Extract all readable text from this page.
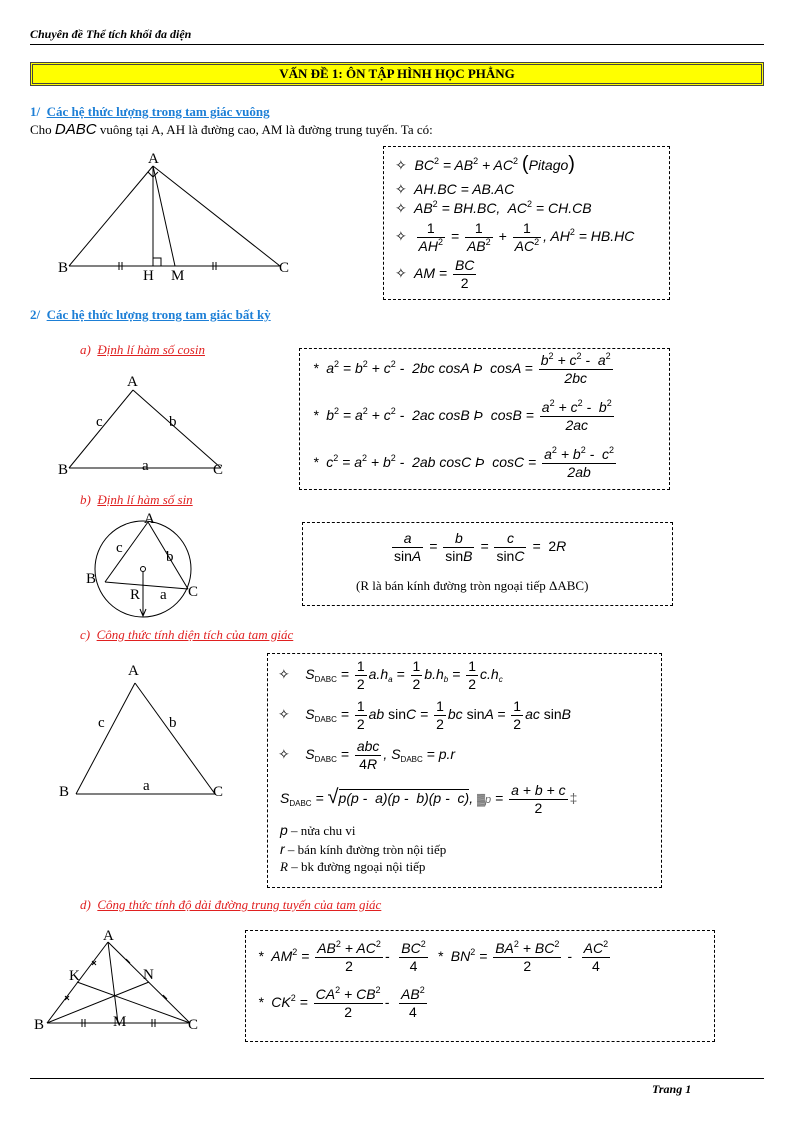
Chuyên đề Thể tích khối đa diện
VẤN ĐỀ 1: ÔN TẬP HÌNH HỌC PHẲNG
1/ Các hệ thức lượng trong tam giác vuông
Cho DABC vuông tại A, AH là đường cao, AM là đường trung tuyến. Ta có:
A
B	C
H M
✧  $BC^2 = AB^2 + AC^2$ (Pitago)
✧  AH.BC = AB.AC
✧  $AB^2 = BH.BC$,  $AC^2 = CH.CB$
✧ $\frac{1}{AH^2} = \frac{1}{AB^2} + \frac{1}{AC^2}$ , $AH^2 = HB.HC$
✧  AM = $\frac{BC}{2}$
2/ Các hệ thức lượng trong tam giác bất kỳ
a) Định lí hàm số cosin
A
B	C
c	b
a
*  $a^2 = b^2 + c^2 - 2bc$ cosA Þ  $\cos A = \frac{b^2 + c^2 - a^2}{2bc}$
*  $b^2 = a^2 + c^2 - 2ac$ cosB Þ  $\cos B = \frac{a^2 + c^2 - b^2}{2ac}$
*  $c^2 = a^2 + b^2 - 2ab$ cosC Þ  $\cos C = \frac{a^2 + b^2 - c^2}{2ab}$
b) Định lí hàm số sin
A
B
C
c
b
R a
$\frac{a}{\sin A} = \frac{b}{\sin B} = \frac{c}{\sin C} = 2R$
(R là bán kính đường tròn ngoại tiếp ΔABC)
c) Công thức tính diện tích của tam giác
A
B	C
c	b
a
✧    $S_{DABC} = \frac{1}{2} a.h_a = \frac{1}{2} b.h_b = \frac{1}{2} c.h_c$
✧    $S_{DABC} = \frac{1}{2}$ ab $\sin C = \frac{1}{2}$ bc $\sin A = \frac{1}{2}$ ac sinB
✧    $S_{DABC}$ =
abc
4R
, $S_{DABC} = p.r$
$S_{DABC} = √p(p - a)(p - b)(p - c)$, ▓p = $\frac{a + b + c}{2}$ ‡
p – nửa chu vi
r – bán kính đường tròn nội tiếp
R – bk đường ngoại nội tiếp
d) Công thức tính độ dài đường trung tuyến của tam giác
A
B	C
K	N
M
*  $AM^2 = \frac{AB^2 + AC^2}{2} - \frac{BC^2}{4} * BN^2 = \frac{BA^2 + BC^2}{2} - \frac{AC^2}{4}$
*  $CK^2 = \frac{CA^2 + CB^2}{2} - \frac{AB^2}{4}$
Trang 1
